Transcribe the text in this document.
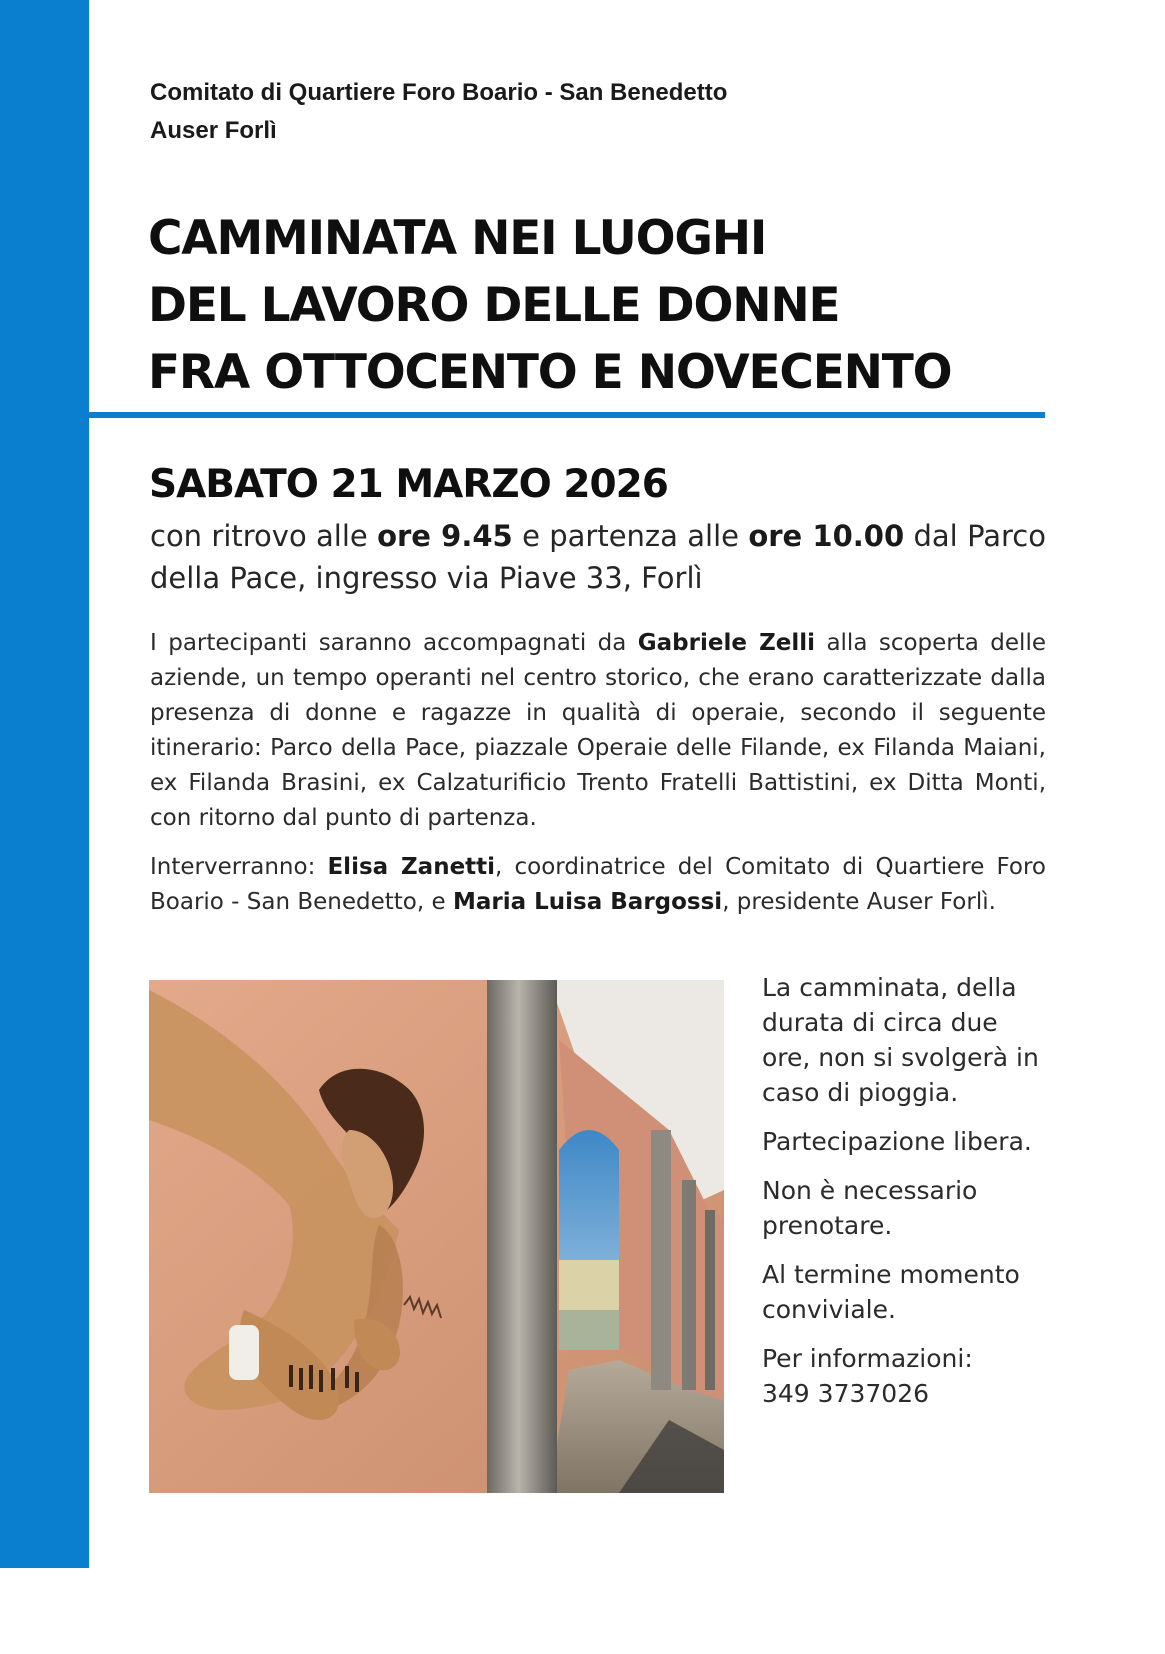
Comitato di Quartiere Foro Boario - San Benedetto
Auser Forlì
CAMMINATA NEI LUOGHI
DEL LAVORO DELLE DONNE
FRA OTTOCENTO E NOVECENTO
SABATO 21 MARZO 2026
con ritrovo alle ore 9.45 e partenza alle ore 10.00 dal Parco della Pace, ingresso via Piave 33, Forlì
I partecipanti saranno accompagnati da Gabriele Zelli alla scoperta delle aziende, un tempo operanti nel centro storico, che erano caratterizzate dalla presenza di donne e ragazze in qualità di operaie, secondo il seguente itinerario: Parco della Pace, piazzale Operaie delle Filande, ex Filanda Maiani, ex Filanda Brasini, ex Calzaturificio Trento Fratelli Battistini, ex Ditta Monti, con ritorno dal punto di partenza.
Interverranno: Elisa Zanetti, coordinatrice del Comitato di Quartiere Foro Boario - San Benedetto, e Maria Luisa Bargossi, presidente Auser Forlì.

La camminata, della durata di circa due ore, non si svolgerà in caso di pioggia.

Partecipazione libera.

Non è necessario prenotare.

Al termine momento conviviale.

Per informazioni:
349 3737026
